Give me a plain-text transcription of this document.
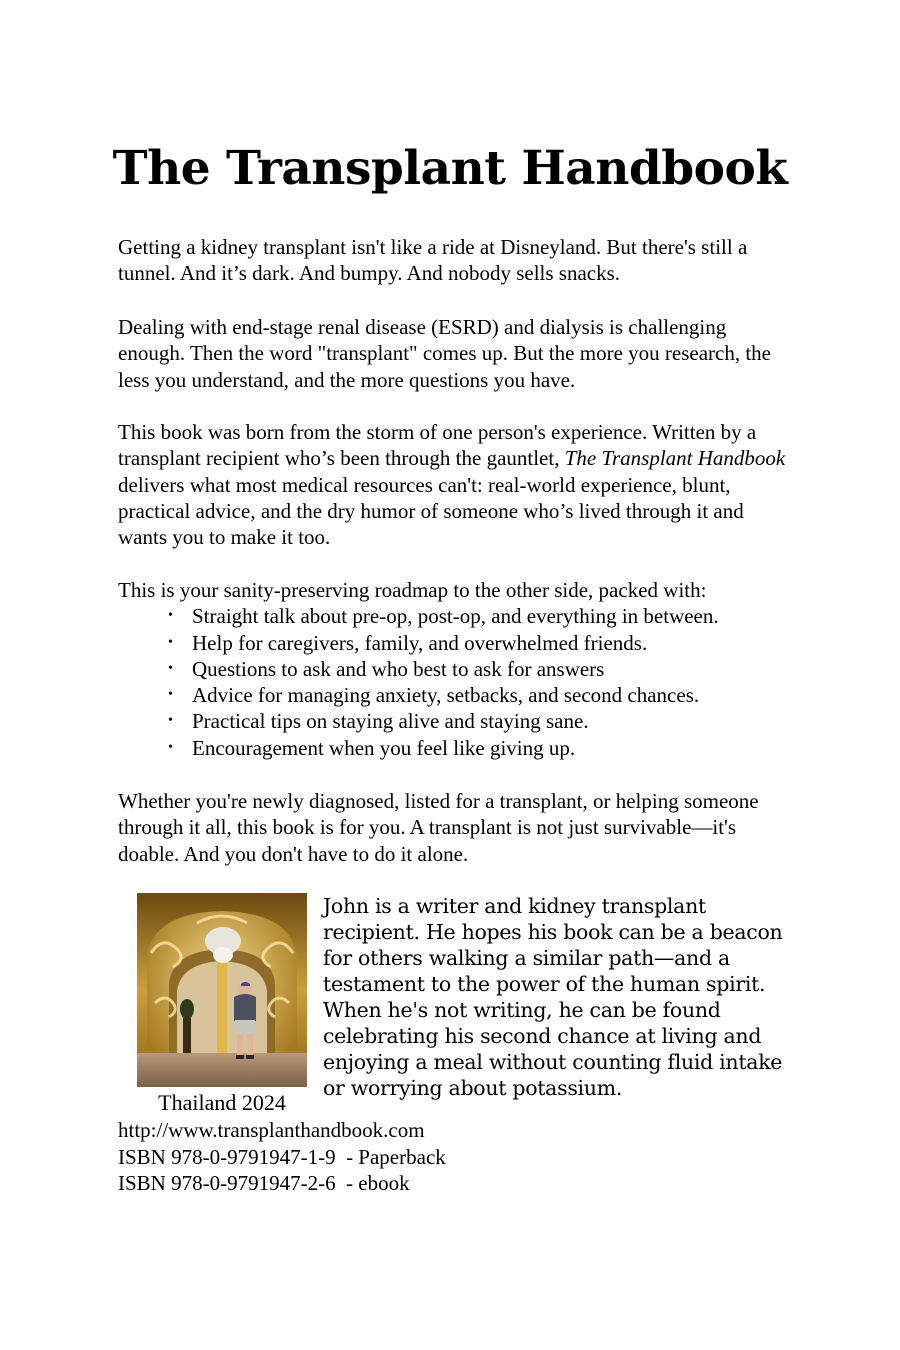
The Transplant Handbook

Getting a kidney transplant isn't like a ride at Disneyland. But there's still a tunnel. And it’s dark. And bumpy. And nobody sells snacks.

Dealing with end-stage renal disease (ESRD) and dialysis is challenging enough. Then the word "transplant" comes up. But the more you research, the less you understand, and the more questions you have.

This book was born from the storm of one person's experience. Written by a transplant recipient who’s been through the gauntlet, The Transplant Handbook delivers what most medical resources can't: real-world experience, blunt, practical advice, and the dry humor of someone who’s lived through it and wants you to make it too.

This is your sanity-preserving roadmap to the other side, packed with:

• Straight talk about pre-op, post-op, and everything in between.
• Help for caregivers, family, and overwhelmed friends.
• Questions to ask and who best to ask for answers
• Advice for managing anxiety, setbacks, and second chances.
• Practical tips on staying alive and staying sane.
• Encouragement when you feel like giving up.

Whether you're newly diagnosed, listed for a transplant, or helping someone through it all, this book is for you. A transplant is not just survivable—it's doable. And you don't have to do it alone.

Thailand 2024
John is a writer and kidney transplant recipient. He hopes his book can be a beacon for others walking a similar path—and a testament to the power of the human spirit. When he's not writing, he can be found celebrating his second chance at living and enjoying a meal without counting fluid intake or worrying about potassium.
http://www.transplanthandbook.com
ISBN 978-0-9791947-1-9  - Paperback
ISBN 978-0-9791947-2-6  - ebook
